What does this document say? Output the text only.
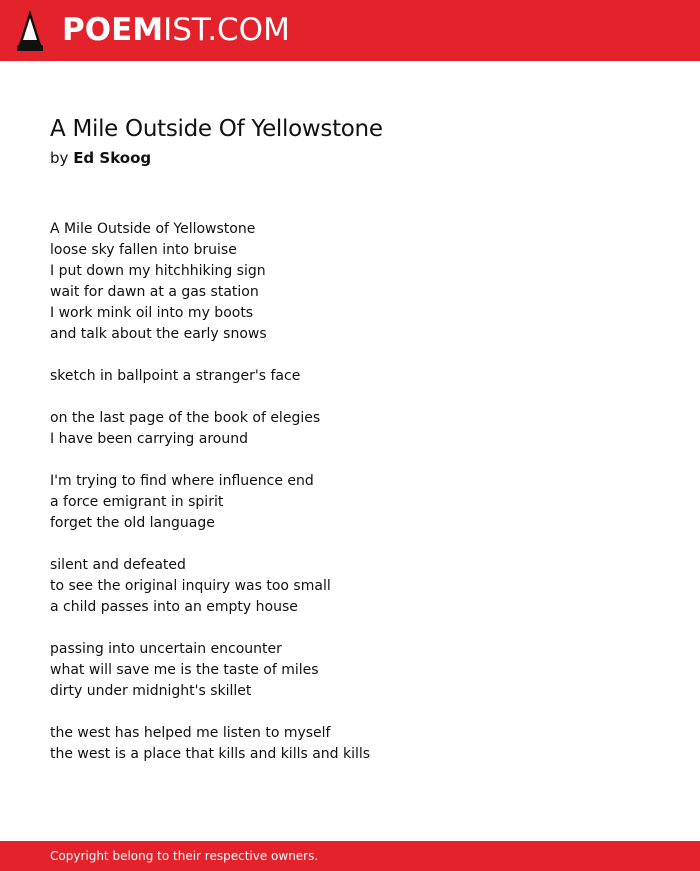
POEMIST.COM
A Mile Outside Of Yellowstone
by Ed Skoog
A Mile Outside of Yellowstone
loose sky fallen into bruise
I put down my hitchhiking sign
wait for dawn at a gas station
I work mink oil into my boots
and talk about the early snows
sketch in ballpoint a stranger's face
on the last page of the book of elegies
I have been carrying around
I'm trying to find where influence end
a force emigrant in spirit
forget the old language
silent and defeated
to see the original inquiry was too small
a child passes into an empty house
passing into uncertain encounter
what will save me is the taste of miles
dirty under midnight's skillet
the west has helped me listen to myself
the west is a place that kills and kills and kills
Copyright belong to their respective owners.
